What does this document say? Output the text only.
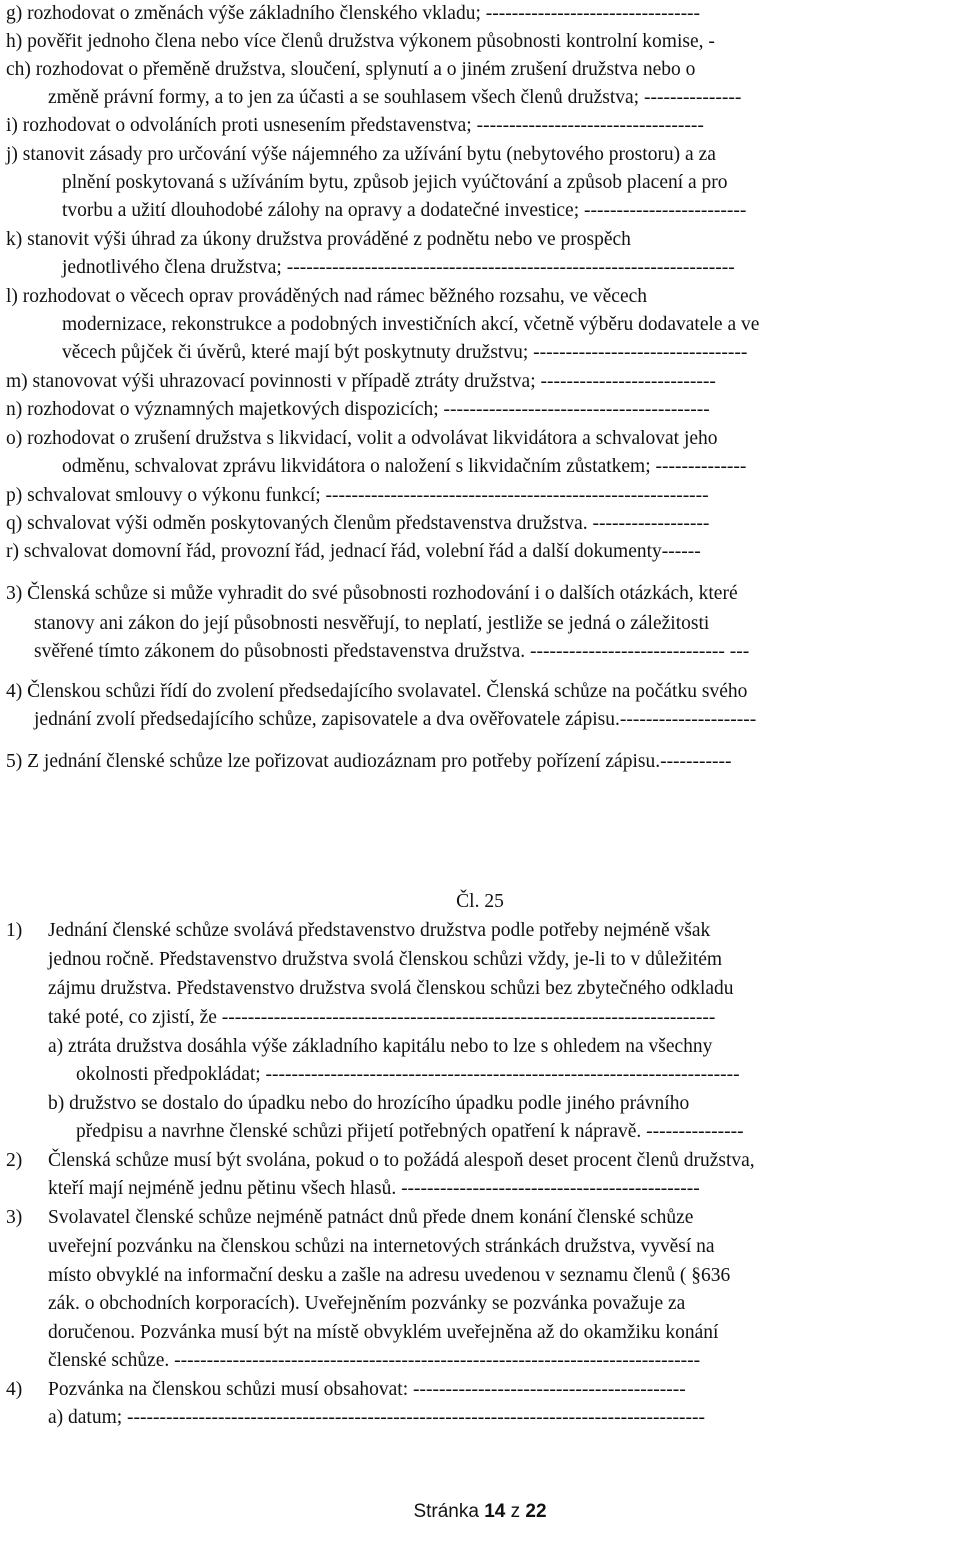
g) rozhodovat o změnách výše základního členského vkladu; ---------------------------------
h) pověřit jednoho člena nebo více členů družstva výkonem působnosti kontrolní komise, -
ch) rozhodovat o přeměně družstva, sloučení, splynutí a o jiném zrušení družstva nebo o
změně právní formy, a to jen za účasti a se souhlasem všech členů družstva; ---------------
i) rozhodovat o odvoláních proti usnesením představenstva; -----------------------------------
j) stanovit zásady pro určování výše nájemného za užívání bytu (nebytového prostoru) a za
plnění poskytovaná s užíváním bytu, způsob jejich vyúčtování a způsob placení a pro
tvorbu a užití dlouhodobé zálohy na opravy a dodatečné investice; -------------------------
k) stanovit výši úhrad za úkony družstva prováděné z podnětu nebo ve prospěch
jednotlivého člena družstva; ---------------------------------------------------------------------
l) rozhodovat o věcech oprav prováděných nad rámec běžného rozsahu, ve věcech
modernizace, rekonstrukce a podobných investičních akcí, včetně výběru dodavatele a ve
věcech půjček či úvěrů, které mají být poskytnuty družstvu; ---------------------------------
m) stanovovat výši uhrazovací povinnosti v případě ztráty družstva; ---------------------------
n) rozhodovat o významných majetkových dispozicích; -----------------------------------------
o) rozhodovat o zrušení družstva s likvidací, volit a odvolávat likvidátora a schvalovat jeho
odměnu, schvalovat zprávu likvidátora o naložení s likvidačním zůstatkem; --------------
p) schvalovat smlouvy o výkonu funkcí; -----------------------------------------------------------
q) schvalovat výši odměn poskytovaných členům představenstva družstva. ------------------
r) schvalovat domovní řád, provozní řád, jednací řád, volební řád a další dokumenty------
3) Členská schůze si může vyhradit do své působnosti rozhodování i o dalších otázkách, které
stanovy ani zákon do její působnosti nesvěřují, to neplatí, jestliže se jedná o záležitosti
svěřené tímto zákonem do působnosti představenstva družstva. ------------------------------ ---
4) Členskou schůzi řídí do zvolení předsedajícího svolavatel. Členská schůze na počátku svého
jednání zvolí předsedajícího schůze, zapisovatele a dva ověřovatele zápisu.---------------------
5) Z jednání členské schůze lze pořizovat audiozáznam pro potřeby pořízení zápisu.-----------
Čl. 25
1) Jednání členské schůze svolává představenstvo družstva podle potřeby nejméně však
jednou ročně. Představenstvo družstva svolá členskou schůzi vždy, je-li to v důležitém
zájmu družstva. Představenstvo družstva svolá členskou schůzi bez zbytečného odkladu
také poté, co zjistí, že ----------------------------------------------------------------------------
a) ztráta družstva dosáhla výše základního kapitálu nebo to lze s ohledem na všechny
okolnosti předpokládat; -------------------------------------------------------------------------
b) družstvo se dostalo do úpadku nebo do hrozícího úpadku podle jiného právního
předpisu a navrhne členské schůzi přijetí potřebných opatření k nápravě. ---------------
2) Členská schůze musí být svolána, pokud o to požádá alespoň deset procent členů družstva,
kteří mají nejméně jednu pětinu všech hlasů. ----------------------------------------------
3) Svolavatel členské schůze nejméně patnáct dnů přede dnem konání členské schůze
uveřejní pozvánku na členskou schůzi na internetových stránkách družstva, vyvěsí na
místo obvyklé na informační desku a zašle na adresu uvedenou v seznamu členů ( §636
zák. o obchodních korporacích). Uveřejněním pozvánky se pozvánka považuje za
doručenou. Pozvánka musí být na místě obvyklém uveřejněna až do okamžiku konání
členské schůze. ---------------------------------------------------------------------------------
4) Pozvánka na členskou schůzi musí obsahovat: ------------------------------------------
a) datum; -----------------------------------------------------------------------------------------
Stránka 14 z 22
